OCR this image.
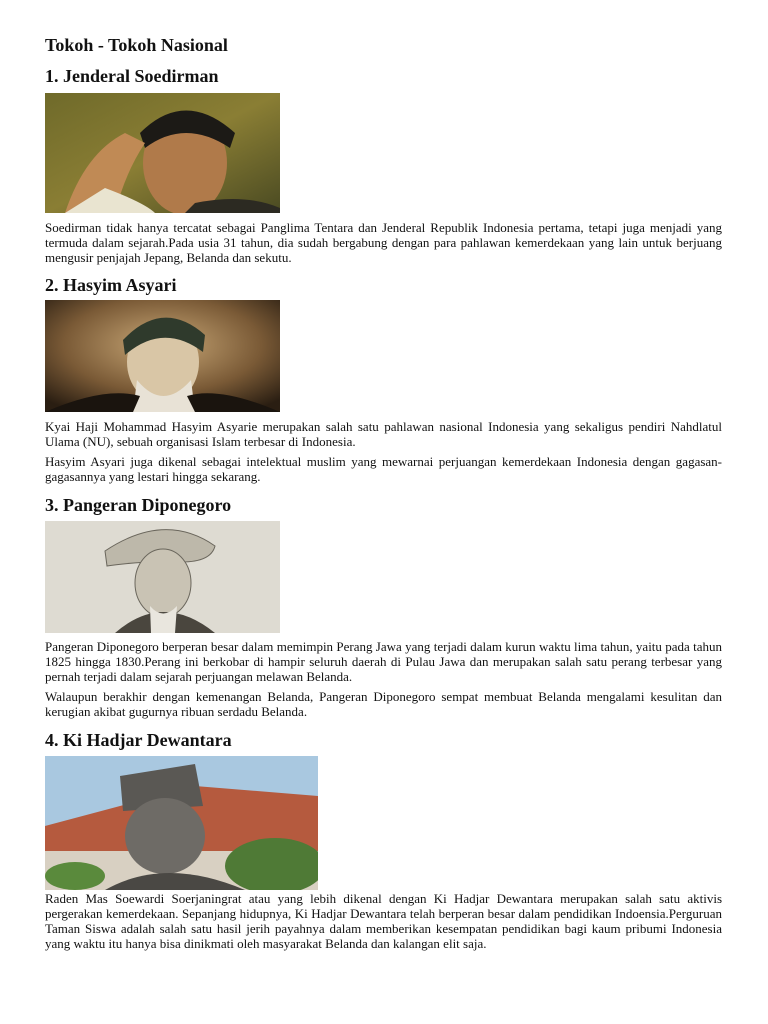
Tokoh - Tokoh Nasional
1. Jenderal Soedirman

Soedirman tidak hanya tercatat sebagai Panglima Tentara dan Jenderal Republik Indonesia pertama, tetapi juga menjadi yang termuda dalam sejarah.Pada usia 31 tahun, dia sudah bergabung dengan para pahlawan kemerdekaan yang lain untuk berjuang mengusir penjajah Jepang, Belanda dan sekutu.

2. Hasyim Asyari

Kyai Haji Mohammad Hasyim Asyarie merupakan salah satu pahlawan nasional Indonesia yang sekaligus pendiri Nahdlatul Ulama (NU), sebuah organisasi Islam terbesar di Indonesia.

Hasyim Asyari juga dikenal sebagai intelektual muslim yang mewarnai perjuangan kemerdekaan Indonesia dengan gagasan-gagasannya yang lestari hingga sekarang.

3. Pangeran Diponegoro

Pangeran Diponegoro berperan besar dalam memimpin Perang Jawa yang terjadi dalam kurun waktu lima tahun, yaitu pada tahun 1825 hingga 1830.Perang ini berkobar di hampir seluruh daerah di Pulau Jawa dan merupakan salah satu perang terbesar yang pernah terjadi dalam sejarah perjuangan melawan Belanda.

Walaupun berakhir dengan kemenangan Belanda, Pangeran Diponegoro sempat membuat Belanda mengalami kesulitan dan kerugian akibat gugurnya ribuan serdadu Belanda.

4. Ki Hadjar Dewantara

Raden Mas Soewardi Soerjaningrat atau yang lebih dikenal dengan Ki Hadjar Dewantara merupakan salah satu aktivis pergerakan kemerdekaan. Sepanjang hidupnya, Ki Hadjar Dewantara telah berperan besar dalam pendidikan Indoensia.Perguruan Taman Siswa adalah salah satu hasil jerih payahnya dalam memberikan kesempatan pendidikan bagi kaum pribumi Indonesia yang waktu itu hanya bisa dinikmati oleh masyarakat Belanda dan kalangan elit saja.
